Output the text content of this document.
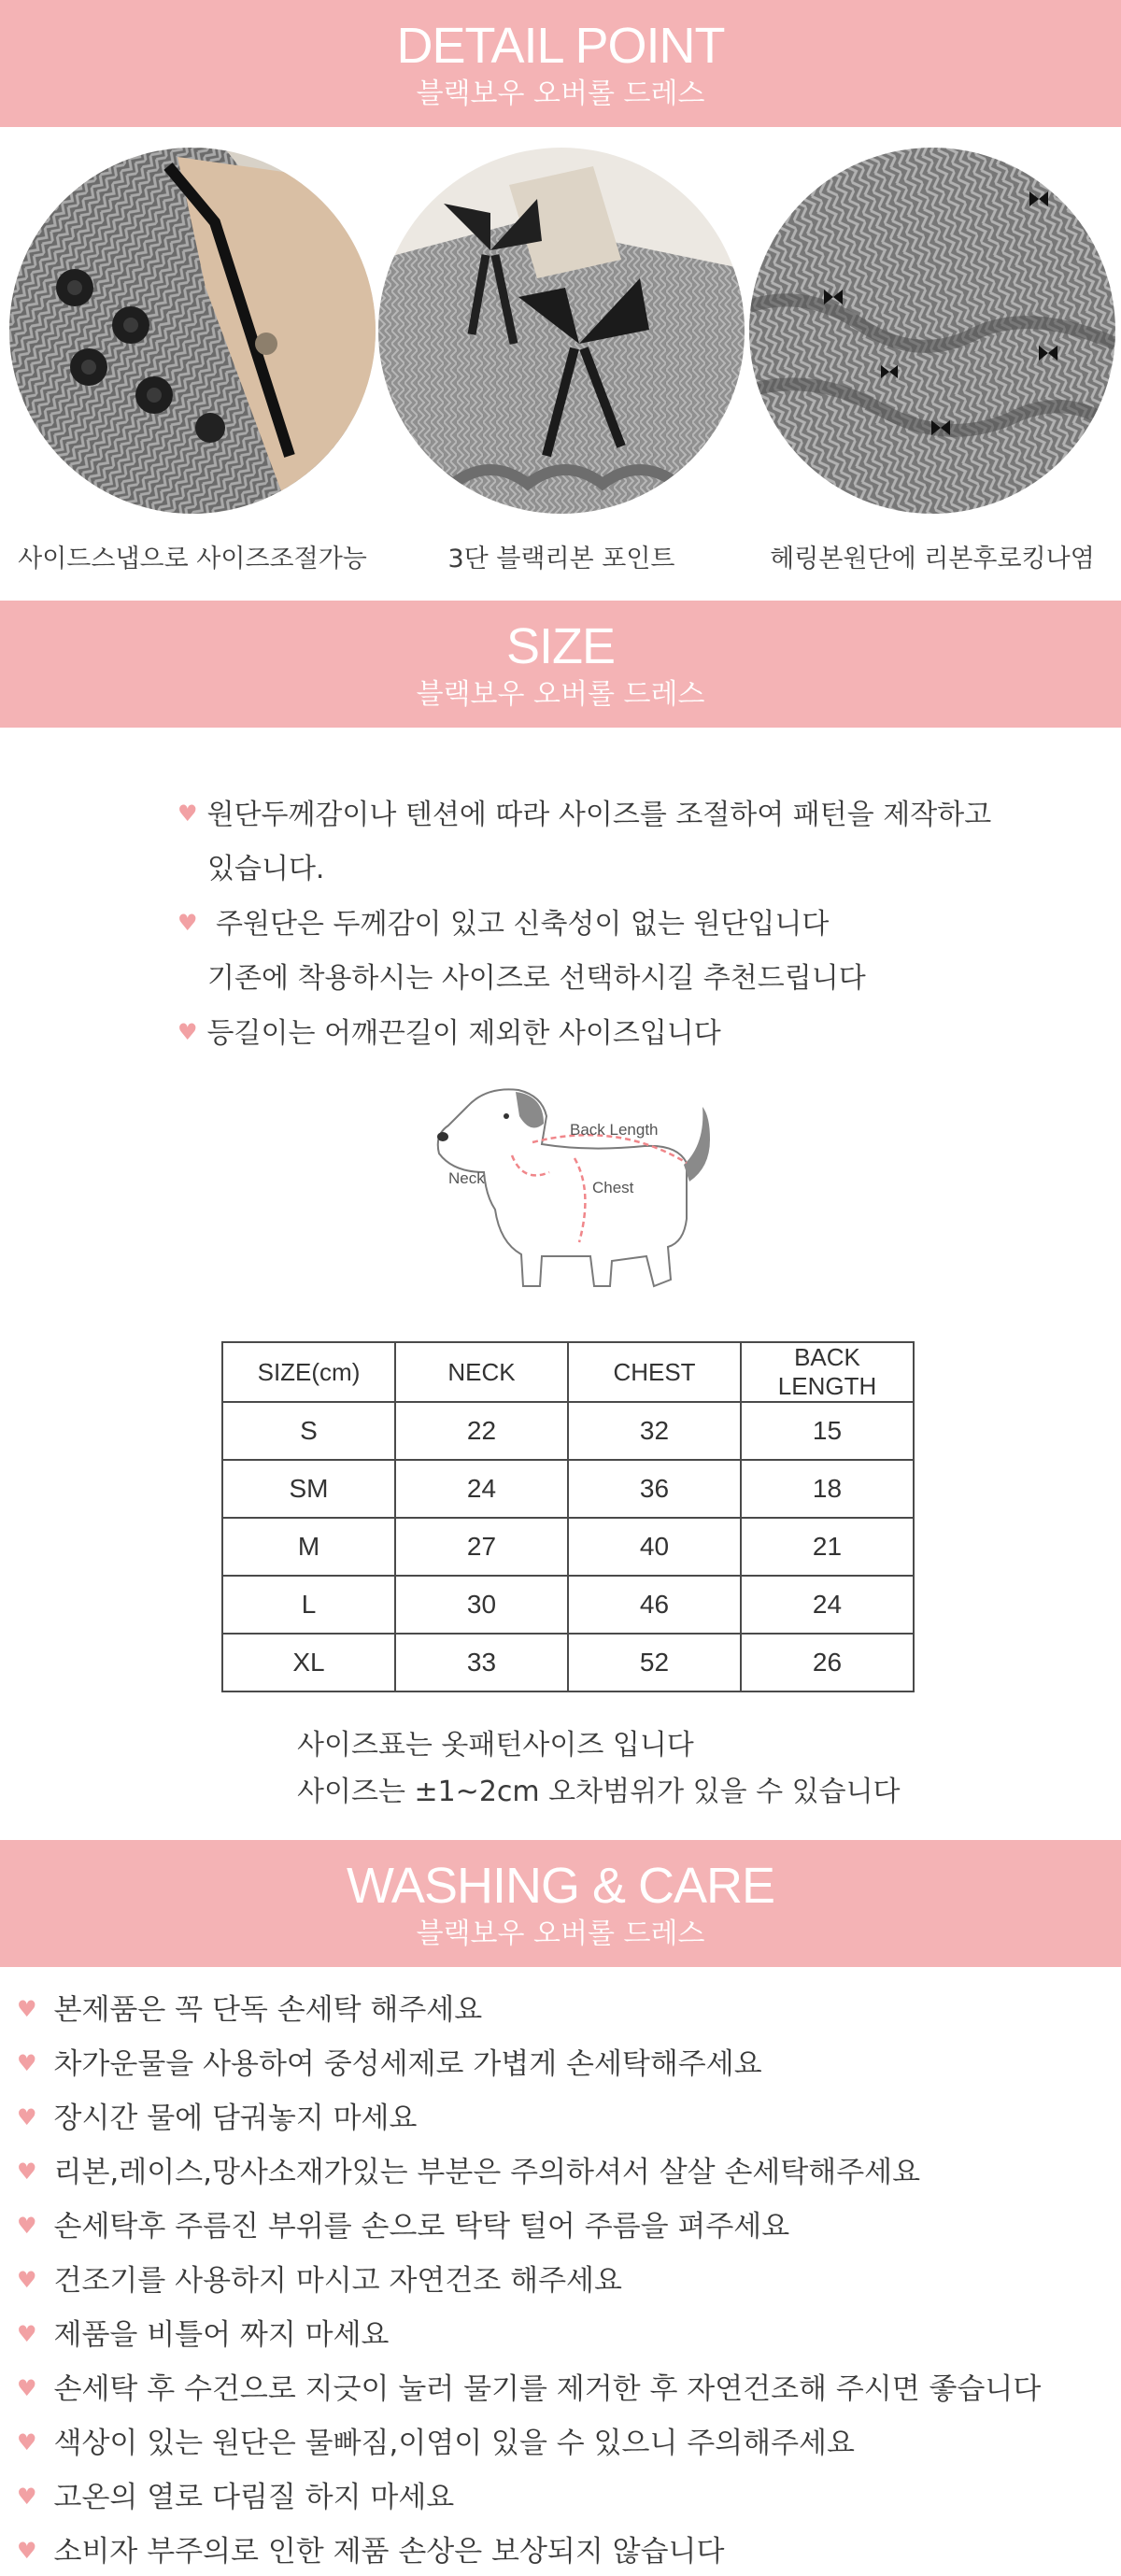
DETAIL POINT
블랙보우 오버롤 드레스
사이드스냅으로 사이즈조절가능	3단 블랙리본 포인트	헤링본원단에 리본후로킹나염
SIZE
블랙보우 오버롤 드레스
♥ 원단두께감이나 텐션에 따라 사이즈를 조절하여 패턴을 제작하고
있습니다.
♥ 주원단은 두께감이 있고 신축성이 없는 원단입니다
기존에 착용하시는 사이즈로 선택하시길 추천드립니다
♥ 등길이는 어깨끈길이 제외한 사이즈입니다
Back Length
Neck
Chest
SIZE(cm)	NECK	CHEST	BACK LENGTH
S	22	32	15
SM	24	36	18
M	27	40	21
L	30	46	24
XL	33	52	26
사이즈표는 옷패턴사이즈 입니다
사이즈는 ±1~2cm 오차범위가 있을 수 있습니다
WASHING & CARE
블랙보우 오버롤 드레스
♥ 본제품은 꼭 단독 손세탁 해주세요
♥ 차가운물을 사용하여 중성세제로 가볍게 손세탁해주세요
♥ 장시간 물에 담궈놓지 마세요
♥ 리본,레이스,망사소재가있는 부분은 주의하셔서 살살 손세탁해주세요
♥ 손세탁후 주름진 부위를 손으로 탁탁 털어 주름을 펴주세요
♥ 건조기를 사용하지 마시고 자연건조 해주세요
♥ 제품을 비틀어 짜지 마세요
♥ 손세탁 후 수건으로 지긋이 눌러 물기를 제거한 후 자연건조해 주시면 좋습니다
♥ 색상이 있는 원단은 물빠짐,이염이 있을 수 있으니 주의해주세요
♥ 고온의 열로 다림질 하지 마세요
♥ 소비자 부주의로 인한 제품 손상은 보상되지 않습니다
